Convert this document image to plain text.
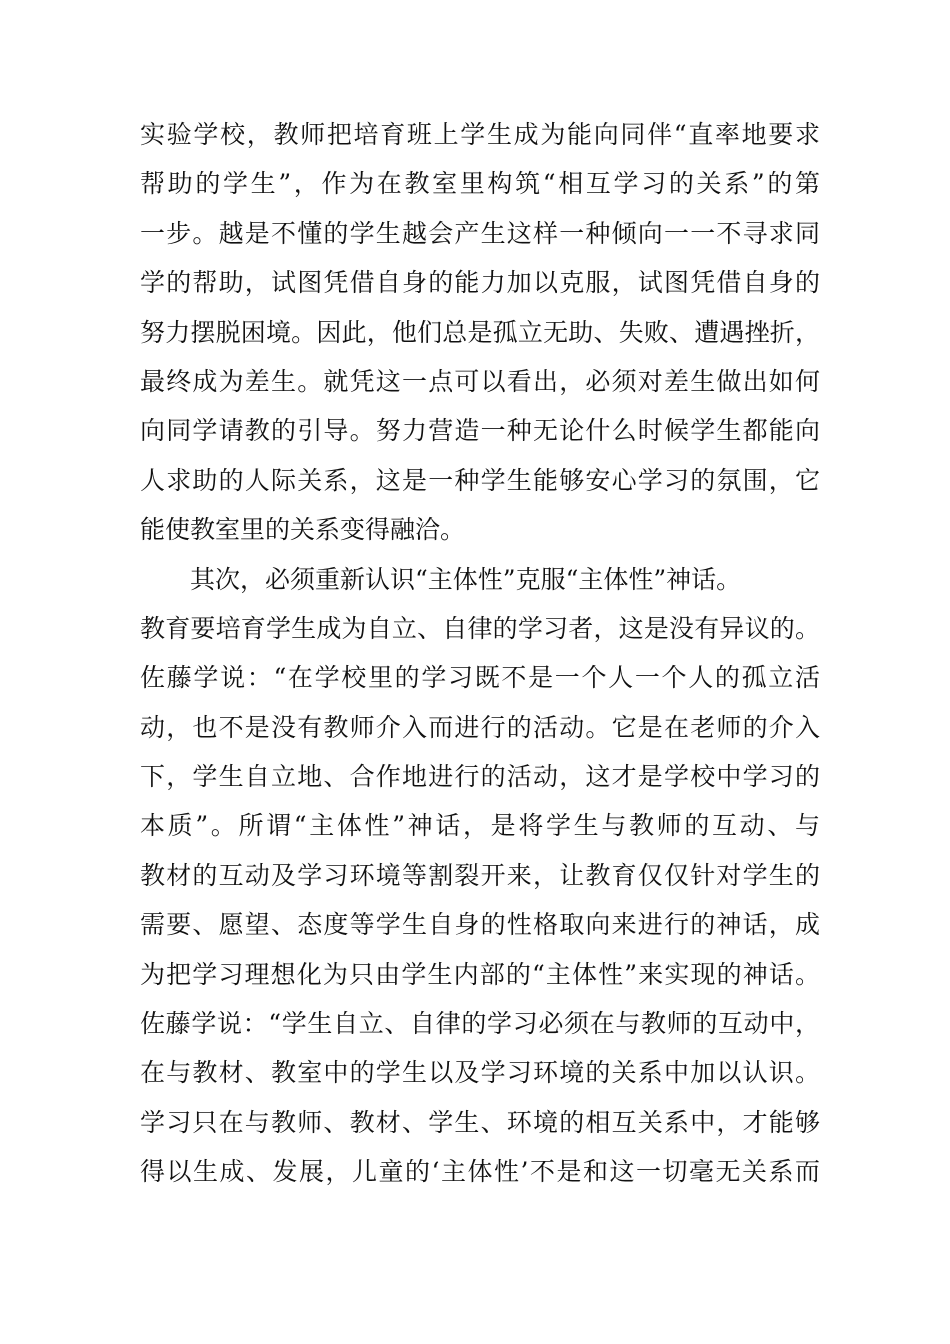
实验学校，教师把培育班上学生成为能向同伴“直率地要求
帮助的学生”，作为在教室里构筑“相互学习的关系”的第
一步。越是不懂的学生越会产生这样一种倾向一一不寻求同
学的帮助，试图凭借自身的能力加以克服，试图凭借自身的
努力摆脱困境。因此，他们总是孤立无助、失败、遭遇挫折，
最终成为差生。就凭这一点可以看出，必须对差生做出如何
向同学请教的引导。努力营造一种无论什么时候学生都能向
人求助的人际关系，这是一种学生能够安心学习的氛围，它
能使教室里的关系变得融洽。
其次，必须重新认识“主体性”克服“主体性”神话。
教育要培育学生成为自立、自律的学习者，这是没有异议的。
佐藤学说：“在学校里的学习既不是一个人一个人的孤立活
动，也不是没有教师介入而进行的活动。它是在老师的介入
下，学生自立地、合作地进行的活动，这才是学校中学习的
本质”。所谓“主体性”神话，是将学生与教师的互动、与
教材的互动及学习环境等割裂开来，让教育仅仅针对学生的
需要、愿望、态度等学生自身的性格取向来进行的神话，成
为把学习理想化为只由学生内部的“主体性”来实现的神话。
佐藤学说：“学生自立、自律的学习必须在与教师的互动中，
在与教材、教室中的学生以及学习环境的关系中加以认识。
学习只在与教师、教材、学生、环境的相互关系中，才能够
得以生成、发展，儿童的‘主体性’不是和这一切毫无关系而
